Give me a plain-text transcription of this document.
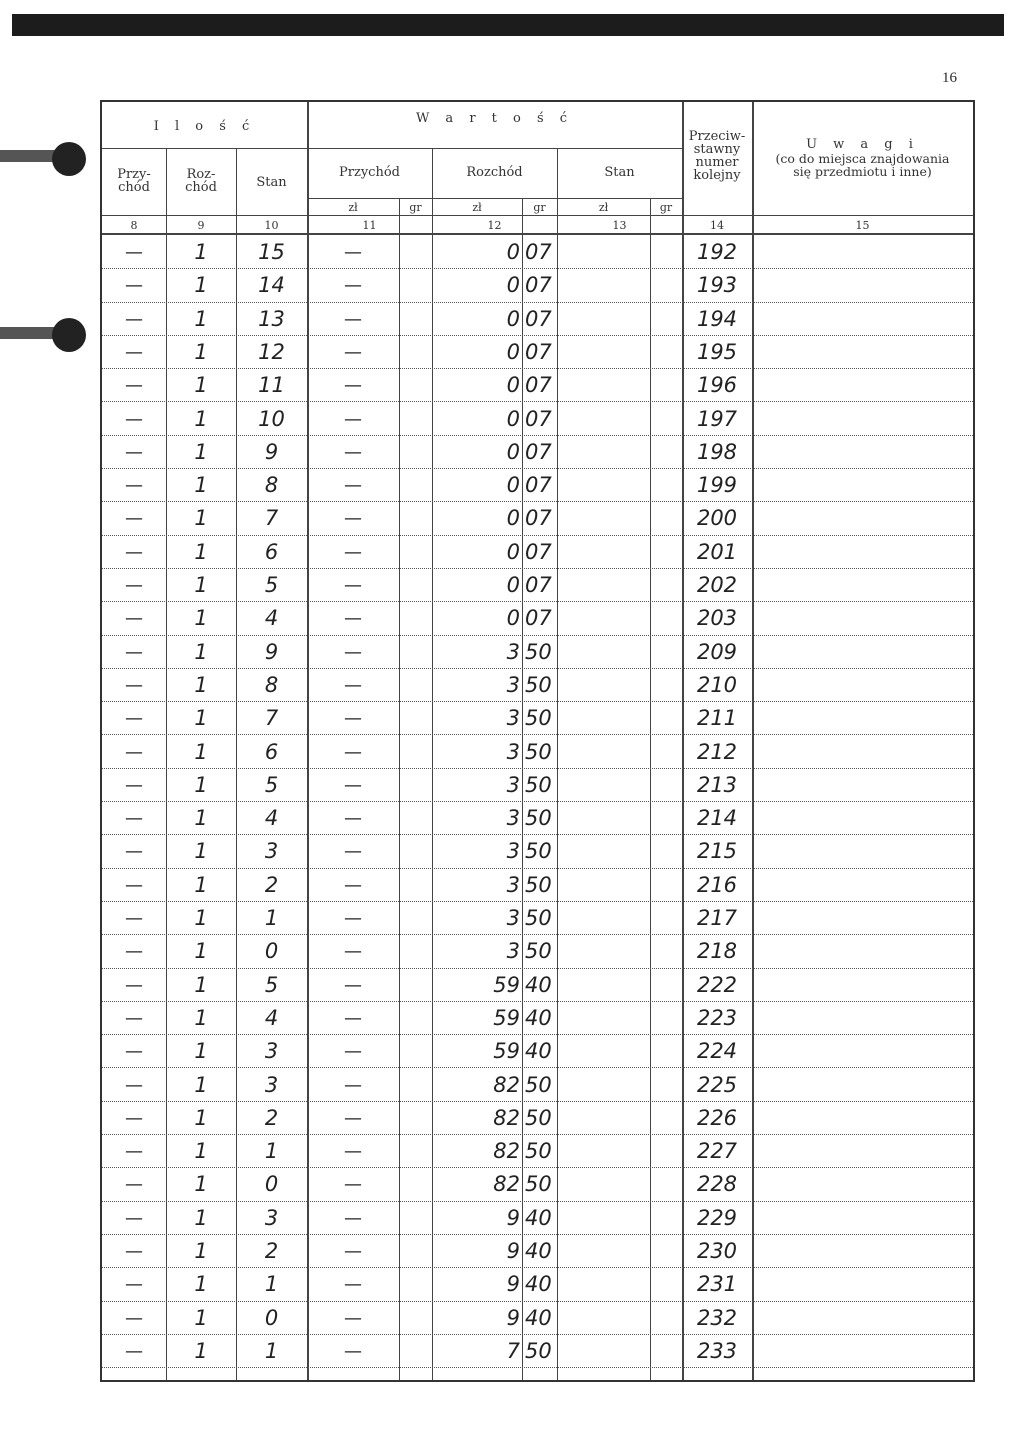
16
I l o ś ć
W a r t o ś ć
Przeciw-
stawny
numer
kolejny
U w a g i
(co do miejsca znajdowania
się przedmiotu i inne)
Przy-
chód
Roz-
chód	Stan
Przychód	Rozchód	Stan
zł	gr	zł	gr	zł	gr
8	9	10	11	12	13	14	15
—	1	15	—	0 07	192
—	1	14	—	0 07	193
—	1	13	—	0 07	194
—	1	12	—	0 07	195
—	1	11	—	0 07	196
—	1	10	—	0 07	197
—	1	9	—	0 07	198
—	1	8	—	0 07	199
—	1	7	—	0 07	200
—	1	6	—	0 07	201
—	1	5	—	0 07	202
—	1	4	—	0 07	203
—	1	9	—	3 50	209
—	1	8	—	3 50	210
—	1	7	—	3 50	211
—	1	6	—	3 50	212
—	1	5	—	3 50	213
—	1	4	—	3 50	214
—	1	3	—	3 50	215
—	1	2	—	3 50	216
—	1	1	—	3 50	217
—	1	0	—	3 50	218
—	1	5	—	59 40	222
—	1	4	—	59 40	223
—	1	3	—	59 40	224
—	1	3	—	82 50	225
—	1	2	—	82 50	226
—	1	1	—	82 50	227
—	1	0	—	82 50	228
—	1	3	—	9 40	229
—	1	2	—	9 40	230
—	1	1	—	9 40	231
—	1	0	—	9 40	232
—	1	1	—	7 50	233
